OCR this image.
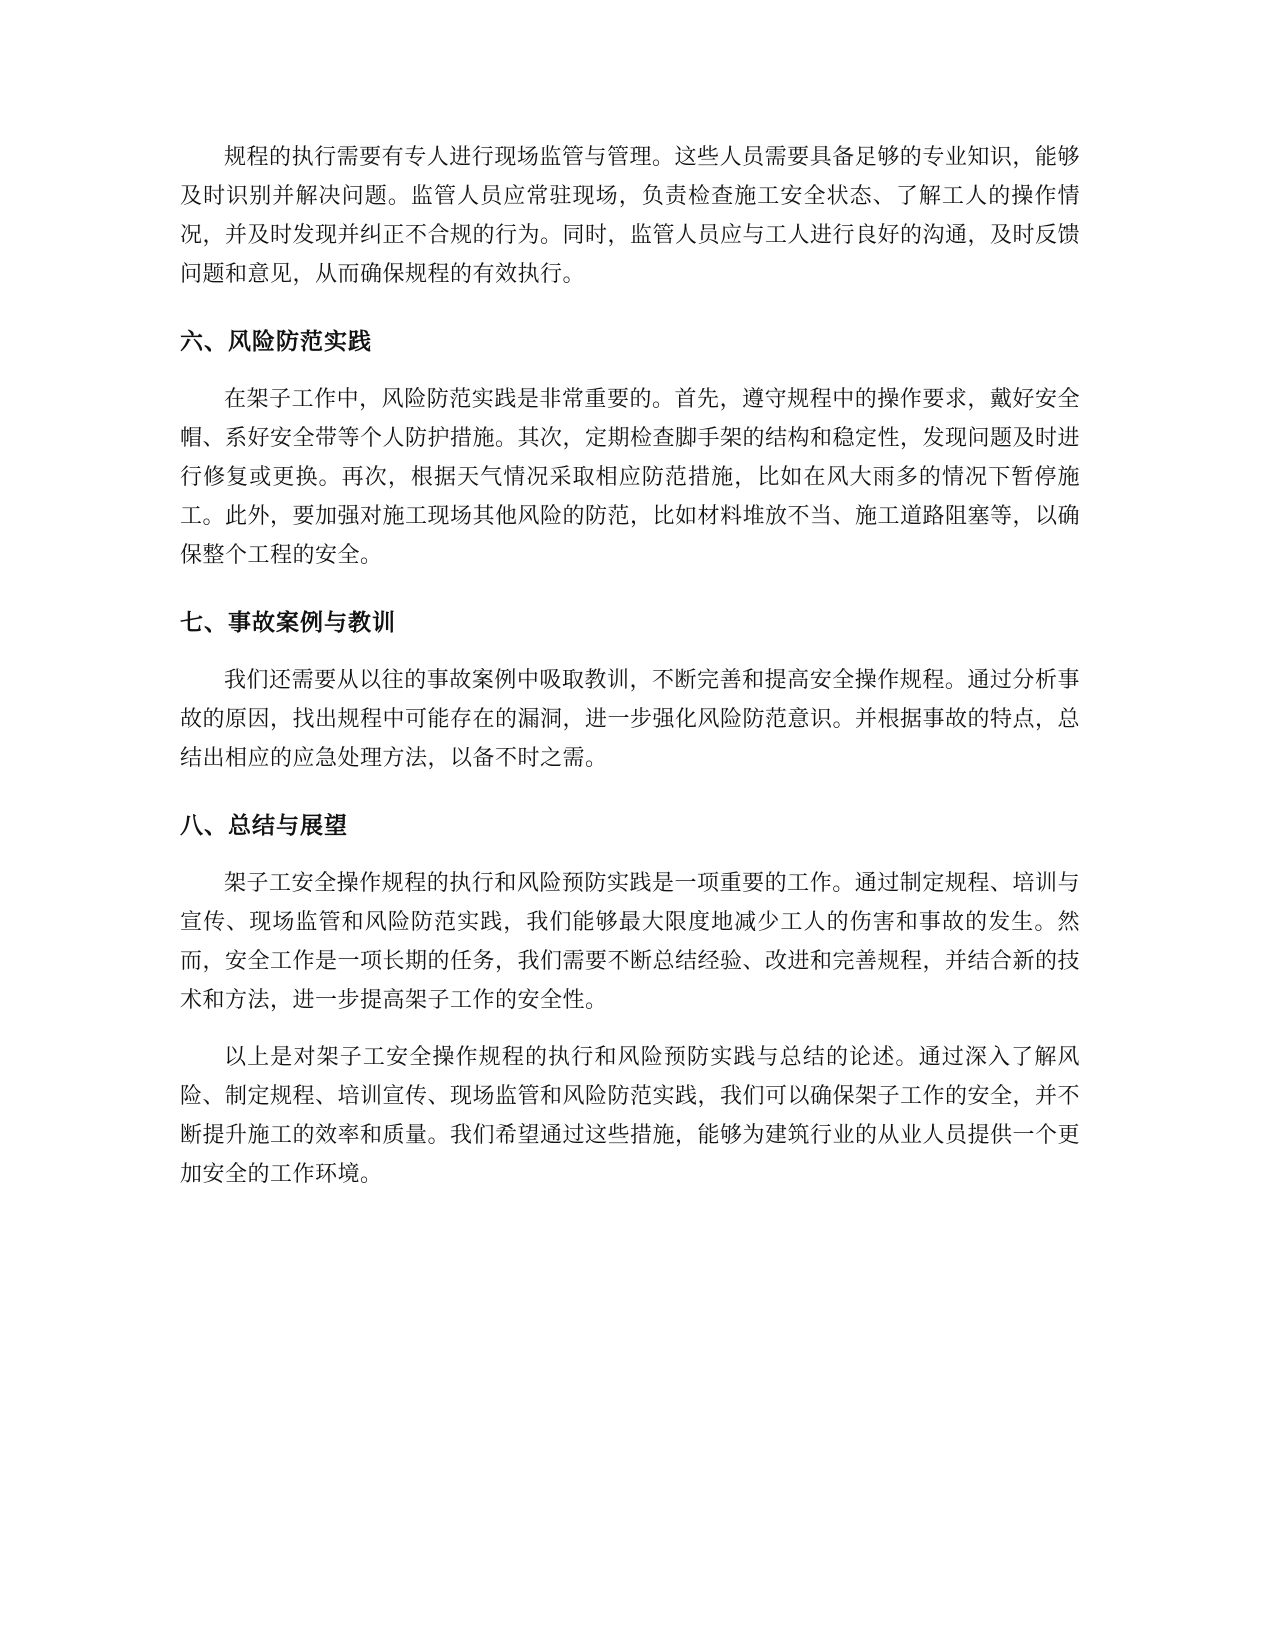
规程的执行需要有专人进行现场监管与管理。这些人员需要具备足够的专业知识，能够及时识别并解决问题。监管人员应常驻现场，负责检查施工安全状态、了解工人的操作情况，并及时发现并纠正不合规的行为。同时，监管人员应与工人进行良好的沟通，及时反馈问题和意见，从而确保规程的有效执行。

六、风险防范实践

在架子工作中，风险防范实践是非常重要的。首先，遵守规程中的操作要求，戴好安全帽、系好安全带等个人防护措施。其次，定期检查脚手架的结构和稳定性，发现问题及时进行修复或更换。再次，根据天气情况采取相应防范措施，比如在风大雨多的情况下暂停施工。此外，要加强对施工现场其他风险的防范，比如材料堆放不当、施工道路阻塞等，以确保整个工程的安全。

七、事故案例与教训

我们还需要从以往的事故案例中吸取教训，不断完善和提高安全操作规程。通过分析事故的原因，找出规程中可能存在的漏洞，进一步强化风险防范意识。并根据事故的特点，总结出相应的应急处理方法，以备不时之需。

八、总结与展望

架子工安全操作规程的执行和风险预防实践是一项重要的工作。通过制定规程、培训与宣传、现场监管和风险防范实践，我们能够最大限度地减少工人的伤害和事故的发生。然而，安全工作是一项长期的任务，我们需要不断总结经验、改进和完善规程，并结合新的技术和方法，进一步提高架子工作的安全性。

以上是对架子工安全操作规程的执行和风险预防实践与总结的论述。通过深入了解风险、制定规程、培训宣传、现场监管和风险防范实践，我们可以确保架子工作的安全，并不断提升施工的效率和质量。我们希望通过这些措施，能够为建筑行业的从业人员提供一个更加安全的工作环境。
